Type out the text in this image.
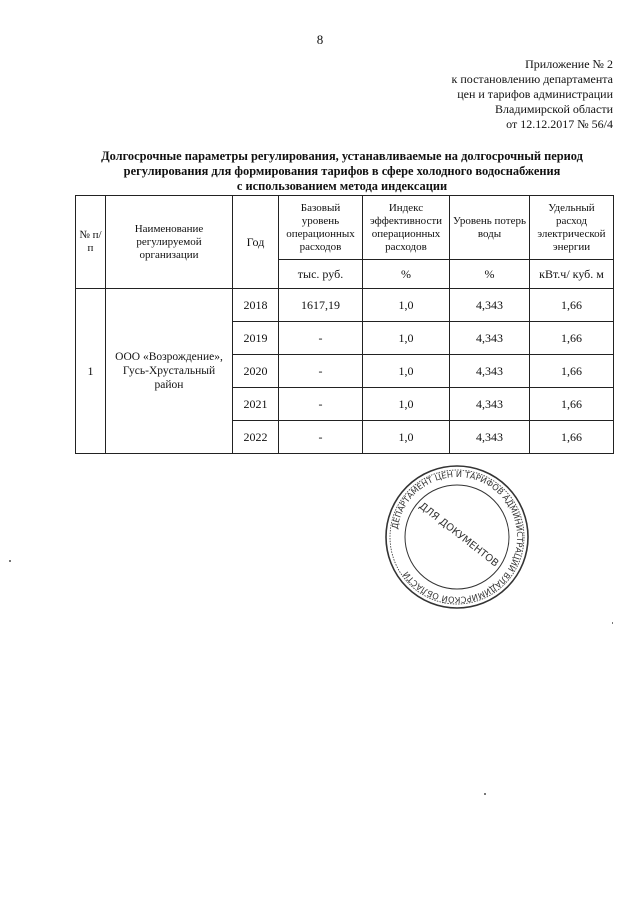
8
Приложение № 2
к постановлению департамента
цен и тарифов администрации
Владимирской области
от 12.12.2017 № 56/4
Долгосрочные параметры регулирования, устанавливаемые на долгосрочный период
регулирования для формирования тарифов в сфере холодного водоснабжения
с использованием метода индексации
№ п/п	Наименование регулируемой организации	Год	Базовый уровень операционных расходов	Индекс эффективности операционных расходов	Уровень потерь воды	Удельный расход электрической энергии
			тыс. руб.	%	%	кВт.ч/ куб. м
1	ООО «Возрождение», Гусь-Хрустальный район	2018	1617,19	1,0	4,343	1,66
		2019	-	1,0	4,343	1,66
		2020	-	1,0	4,343	1,66
		2021	-	1,0	4,343	1,66
		2022	-	1,0	4,343	1,66
ДЕПАРТАМЕНТ ЦЕН И ТАРИФОВ АДМИНИСТРАЦИИ ВЛАДИМИРСКОЙ ОБЛАСТИ
ДЛЯ ДОКУМЕНТОВ
